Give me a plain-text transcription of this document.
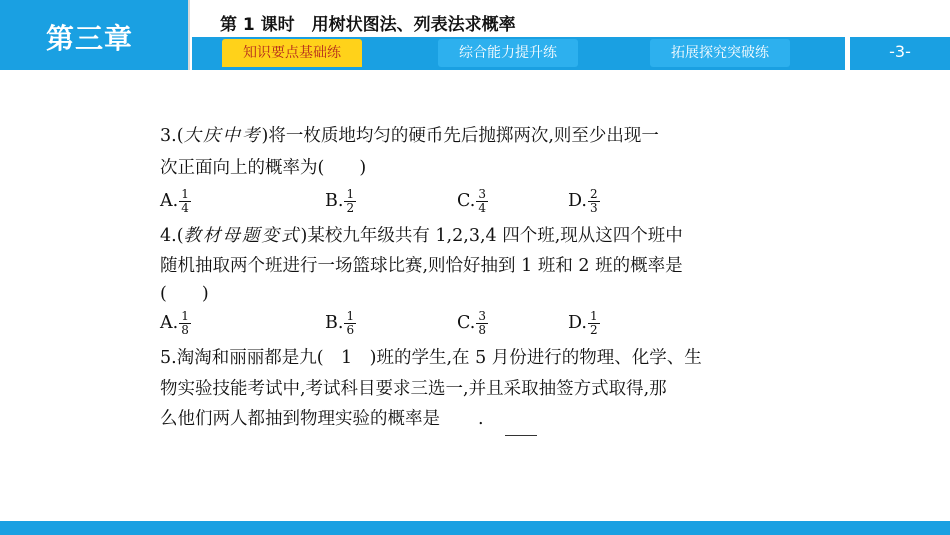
第三章	第 1 课时　用树状图法、列表法求概率
知识要点基础练	综合能力提升练	拓展探究突破练	-3-
3.(大庆中考)将一枚质地均匀的硬币先后抛掷两次,则至少出现一
次正面向上的概率为(　　)
A. $\frac{1}{4}$	B. $\frac{1}{2}$	C. $\frac{3}{4}$	D. $\frac{2}{3}$
4.(教材母题变式)某校九年级共有 1,2,3,4 四个班,现从这四个班中
随机抽取两个班进行一场篮球比赛,则恰好抽到 1 班和 2 班的概率是
(　　)
A. $\frac{1}{8}$	B. $\frac{1}{6}$	C. $\frac{3}{8}$	D. $\frac{1}{2}$
5.淘淘和丽丽都是九(　1　)班的学生,在 5 月份进行的物理、化学、生
物实验技能考试中,考试科目要求三选一,并且采取抽签方式取得,那
么他们两人都抽到物理实验的概率是 .
